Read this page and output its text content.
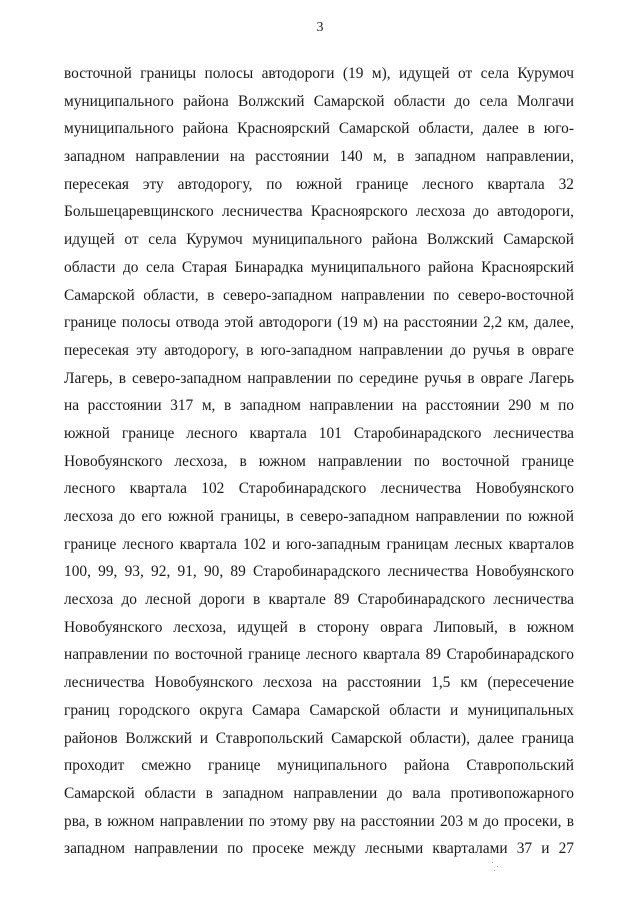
3
восточной границы полосы автодороги (19 м), идущей от села Курумоч
муниципального района Волжский Самарской области до села Молгачи
муниципального района Красноярский Самарской области, далее в юго-
западном направлении на расстоянии 140 м, в западном направлении,
пересекая эту автодорогу, по южной границе лесного квартала 32
Большецаревщинского лесничества Красноярского лесхоза до автодороги,
идущей от села Курумоч муниципального района Волжский Самарской
области до села Старая Бинарадка муниципального района Красноярский
Самарской области, в северо-западном направлении по северо-восточной
границе полосы отвода этой автодороги (19 м) на расстоянии 2,2 км, далее,
пересекая эту автодорогу, в юго-западном направлении до ручья в овраге
Лагерь, в северо-западном направлении по середине ручья в овраге Лагерь
на расстоянии 317 м, в западном направлении на расстоянии 290 м по
южной границе лесного квартала 101 Старобинарадского лесничества
Новобуянского лесхоза, в южном направлении по восточной границе
лесного квартала 102 Старобинарадского лесничества Новобуянского
лесхоза до его южной границы, в северо-западном направлении по южной
границе лесного квартала 102 и юго-западным границам лесных кварталов
100, 99, 93, 92, 91, 90, 89 Старобинарадского лесничества Новобуянского
лесхоза до лесной дороги в квартале 89 Старобинарадского лесничества
Новобуянского лесхоза, идущей в сторону оврага Липовый, в южном
направлении по восточной границе лесного квартала 89 Старобинарадского
лесничества Новобуянского лесхоза на расстоянии 1,5 км (пересечение
границ городского округа Самара Самарской области и муниципальных
районов Волжский и Ставропольский Самарской области), далее граница
проходит смежно границе муниципального района Ставропольский
Самарской области в западном направлении до вала противопожарного
рва, в южном направлении по этому рву на расстоянии 203 м до просеки, в
западном направлении по просеке между лесными кварталами 37 и 27
